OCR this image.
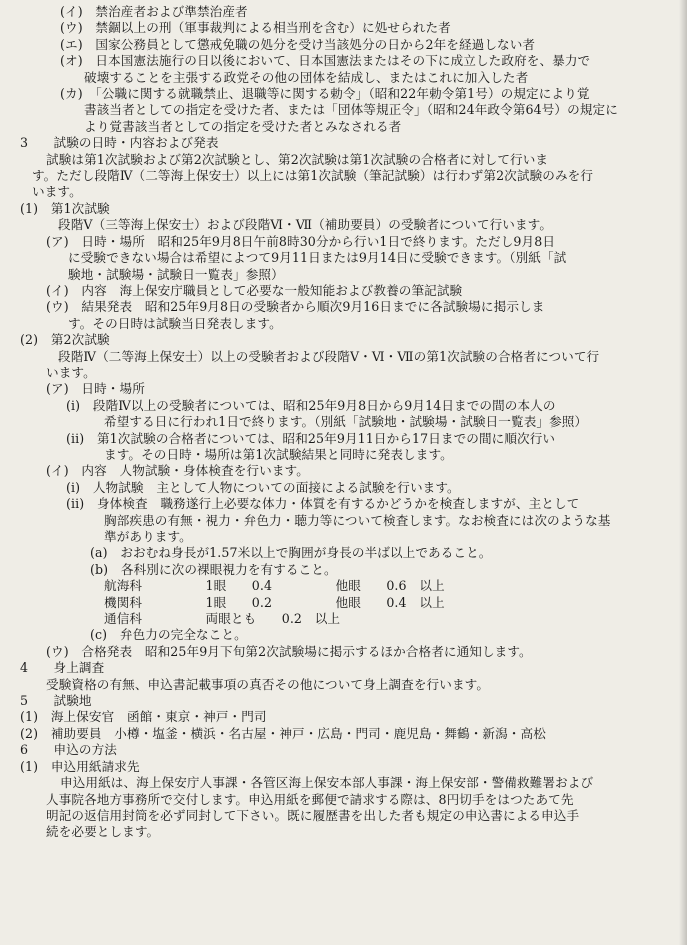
(イ)　禁治産者および準禁治産者
(ウ)　禁錮以上の刑（軍事裁判による相当刑を含む）に処せられた者
(エ)　国家公務員として懲戒免職の処分を受け当該処分の日から2年を経過しない者
(オ)　日本国憲法施行の日以後において、日本国憲法またはその下に成立した政府を、暴力で
破壊することを主張する政党その他の団体を結成し、またはこれに加入した者
(カ)　「公職に関する就職禁止、退職等に関する勅令」（昭和22年勅令第1号）の規定により覚
書該当者としての指定を受けた者、または「団体等規正令」（昭和24年政令第64号）の規定に
より覚書該当者としての指定を受けた者とみなされる者
3　　試験の日時・内容および発表
試験は第1次試験および第2次試験とし、第2次試験は第1次試験の合格者に対して行いま
す。ただし段階Ⅳ（二等海上保安士）以上には第1次試験（筆記試験）は行わず第2次試験のみを行
います。
(1)　第1次試験
段階Ⅴ（三等海上保安士）および段階Ⅵ・Ⅶ（補助要員）の受験者について行います。
(ア)　日時・場所　昭和25年9月8日午前8時30分から行い1日で終ります。ただし9月8日
に受験できない場合は希望によつて9月11日または9月14日に受験できます。（別紙「試
験地・試験場・試験日一覧表」参照）
(イ)　内容　海上保安庁職員として必要な一般知能および教養の筆記試験
(ウ)　結果発表　昭和25年9月8日の受験者から順次9月16日までに各試験場に掲示しま
す。その日時は試験当日発表します。
(2)　第2次試験
段階Ⅳ（二等海上保安士）以上の受験者および段階Ⅴ・Ⅵ・Ⅶの第1次試験の合格者について行
います。
(ア)　日時・場所
(i)　段階Ⅳ以上の受験者については、昭和25年9月8日から9月14日までの間の本人の
希望する日に行われ1日で終ります。（別紙「試験地・試験場・試験日一覧表」参照）
(ii)　第1次試験の合格者については、昭和25年9月11日から17日までの間に順次行い
ます。その日時・場所は第1次試験結果と同時に発表します。
(イ)　内容　人物試験・身体検査を行います。
(i)　人物試験　主として人物についての面接による試験を行います。
(ii)　身体検査　職務遂行上必要な体力・体質を有するかどうかを検査しますが、主として
胸部疾患の有無・視力・弁色力・聴力等について検査します。なお検査には次のような基
準があります。
(a)　おおむね身長が1.57米以上で胸囲が身長の半ば以上であること。
(b)　各科別に次の裸眼視力を有すること。
航海科　　　　　1眼　　0.4　　　　　他眼　　0.6　以上
機関科　　　　　1眼　　0.2　　　　　他眼　　0.4　以上
通信科　　　　　両眼とも　　0.2　以上
(c)　弁色力の完全なこと。
(ウ)　合格発表　昭和25年9月下旬第2次試験場に掲示するほか合格者に通知します。
4　　身上調査
受験資格の有無、申込書記載事項の真否その他について身上調査を行います。
5　　試験地
(1)　海上保安官　函館・東京・神戸・門司
(2)　補助要員　小樽・塩釜・横浜・名古屋・神戸・広島・門司・鹿児島・舞鶴・新潟・高松
6　　申込の方法
(1)　申込用紙請求先
申込用紙は、海上保安庁人事課・各管区海上保安本部人事課・海上保安部・警備救難署および
人事院各地方事務所で交付します。申込用紙を郵便で請求する際は、8円切手をはつたあて先
明記の返信用封筒を必ず同封して下さい。既に履歴書を出した者も規定の申込書による申込手
続を必要とします。
